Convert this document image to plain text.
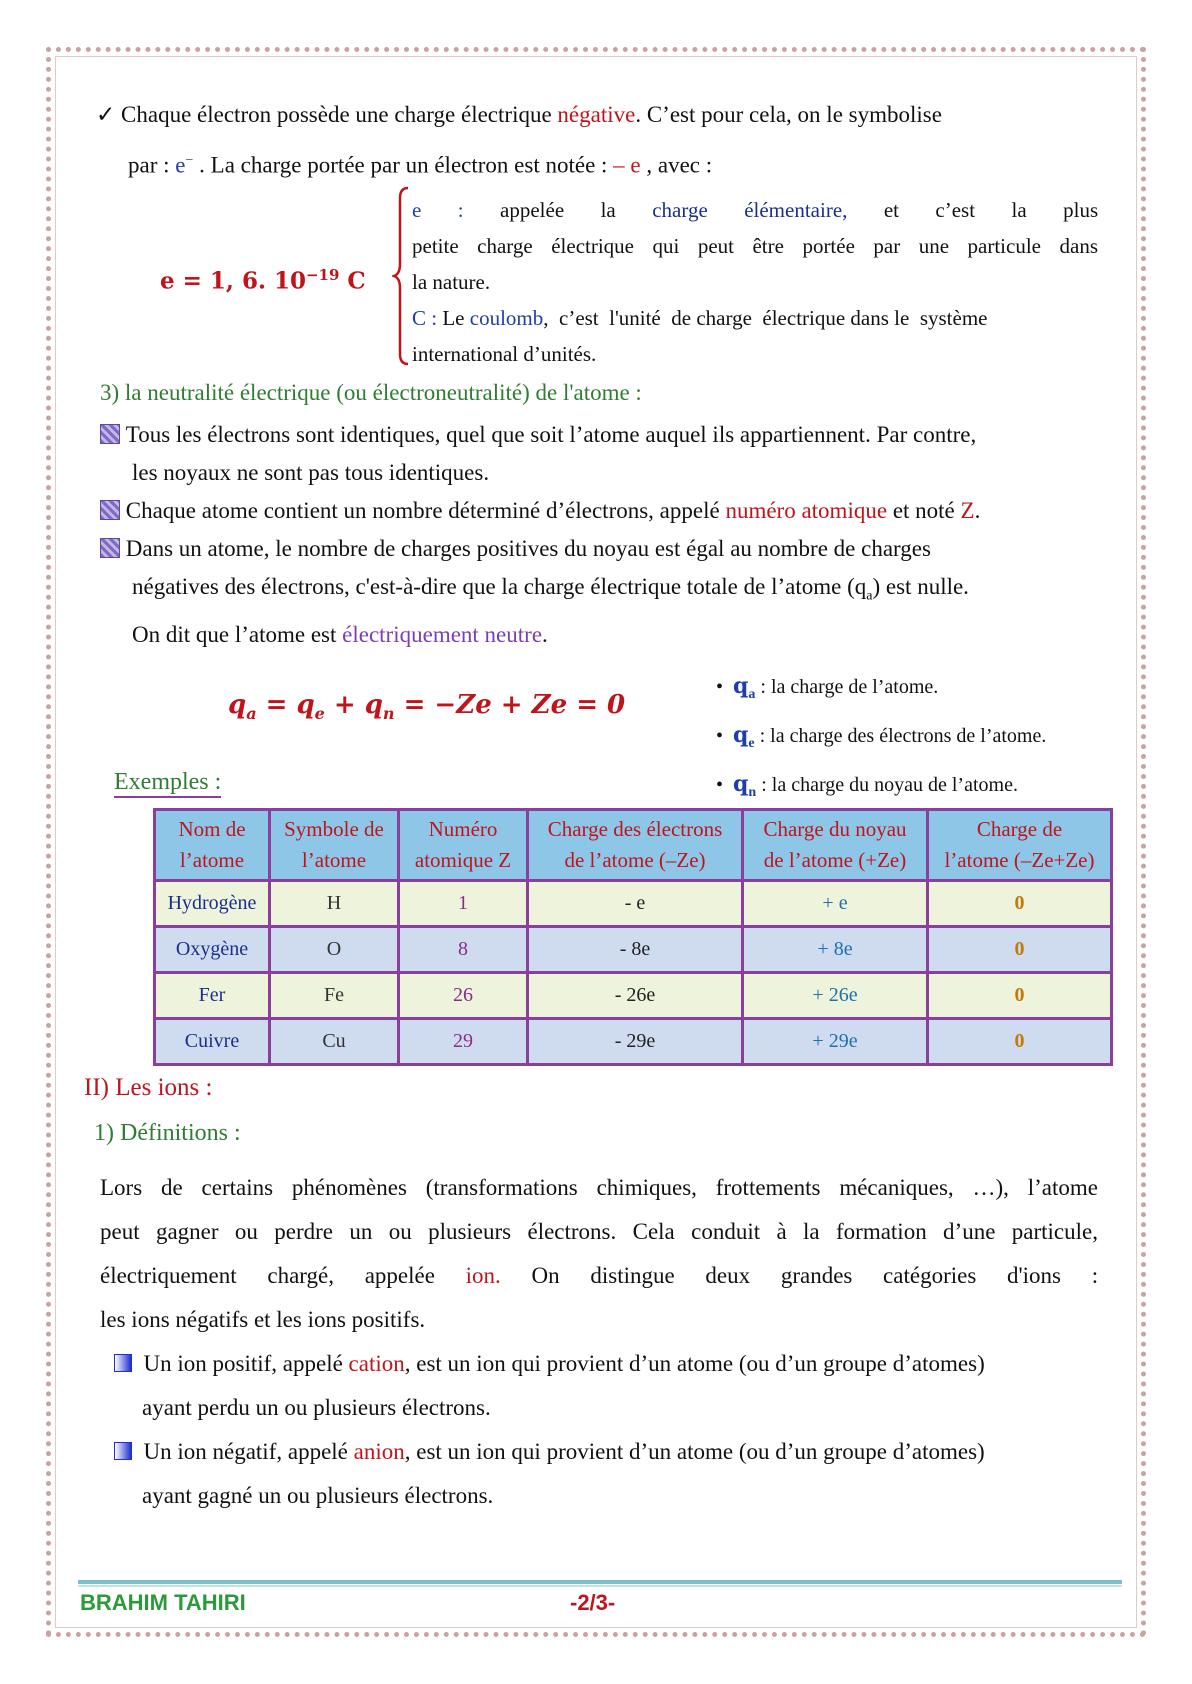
✓ Chaque électron possède une charge électrique négative. C’est pour cela, on le symbolise
par : e− . La charge portée par un électron est notée : – e , avec :
e = 1, 6. $10^{-19}$ C
e : appelée la charge élémentaire, et c’est la plus
petite charge électrique qui peut être portée par une particule dans
la nature.
C : Le coulomb,  c’est  l'unité  de charge  électrique dans le  système
international d’unités.
3) la neutralité électrique (ou électroneutralité) de l'atome :
Tous les électrons sont identiques, quel que soit l’atome auquel ils appartiennent. Par contre,
les noyaux ne sont pas tous identiques.
Chaque atome contient un nombre déterminé d’électrons, appelé numéro atomique et noté Z.
Dans un atome, le nombre de charges positives du noyau est égal au nombre de charges
négatives des électrons, c'est-à-dire que la charge électrique totale de l’atome $(q_a)$ est nulle.
On dit que l’atome est électriquement neutre.
$q_a = q_e + q_n = -Ze + Ze = 0$
• $q_a$ : la charge de l’atome.
• $q_e$ : la charge des électrons de l’atome.
• $q_n$ : la charge du noyau de l’atome.
Exemples :
Nom de
l’atome	Symbole de
l’atome	Numéro
atomique Z	Charge des électrons
de l’atome (–Ze)	Charge du noyau
de l’atome (+Ze)	Charge de
l’atome (–Ze+Ze)
Hydrogène	H	1	- e	+ e	0
Oxygène	O	8	- 8e	+ 8e	0
Fer	Fe	26	- 26e	+ 26e	0
Cuivre	Cu	29	- 29e	+ 29e	0
II) Les ions :
1) Définitions :
Lors de certains phénomènes (transformations chimiques, frottements mécaniques, …), l’atome
peut gagner ou perdre un ou plusieurs électrons. Cela conduit à la formation d’une particule,
électriquement chargé, appelée ion. On distingue deux grandes catégories d'ions :
les ions négatifs et les ions positifs.
Un ion positif, appelé cation, est un ion qui provient d’un atome (ou d’un groupe d’atomes)
ayant perdu un ou plusieurs électrons.
Un ion négatif, appelé anion, est un ion qui provient d’un atome (ou d’un groupe d’atomes)
ayant gagné un ou plusieurs électrons.
BRAHIM TAHIRI	-2/3-
